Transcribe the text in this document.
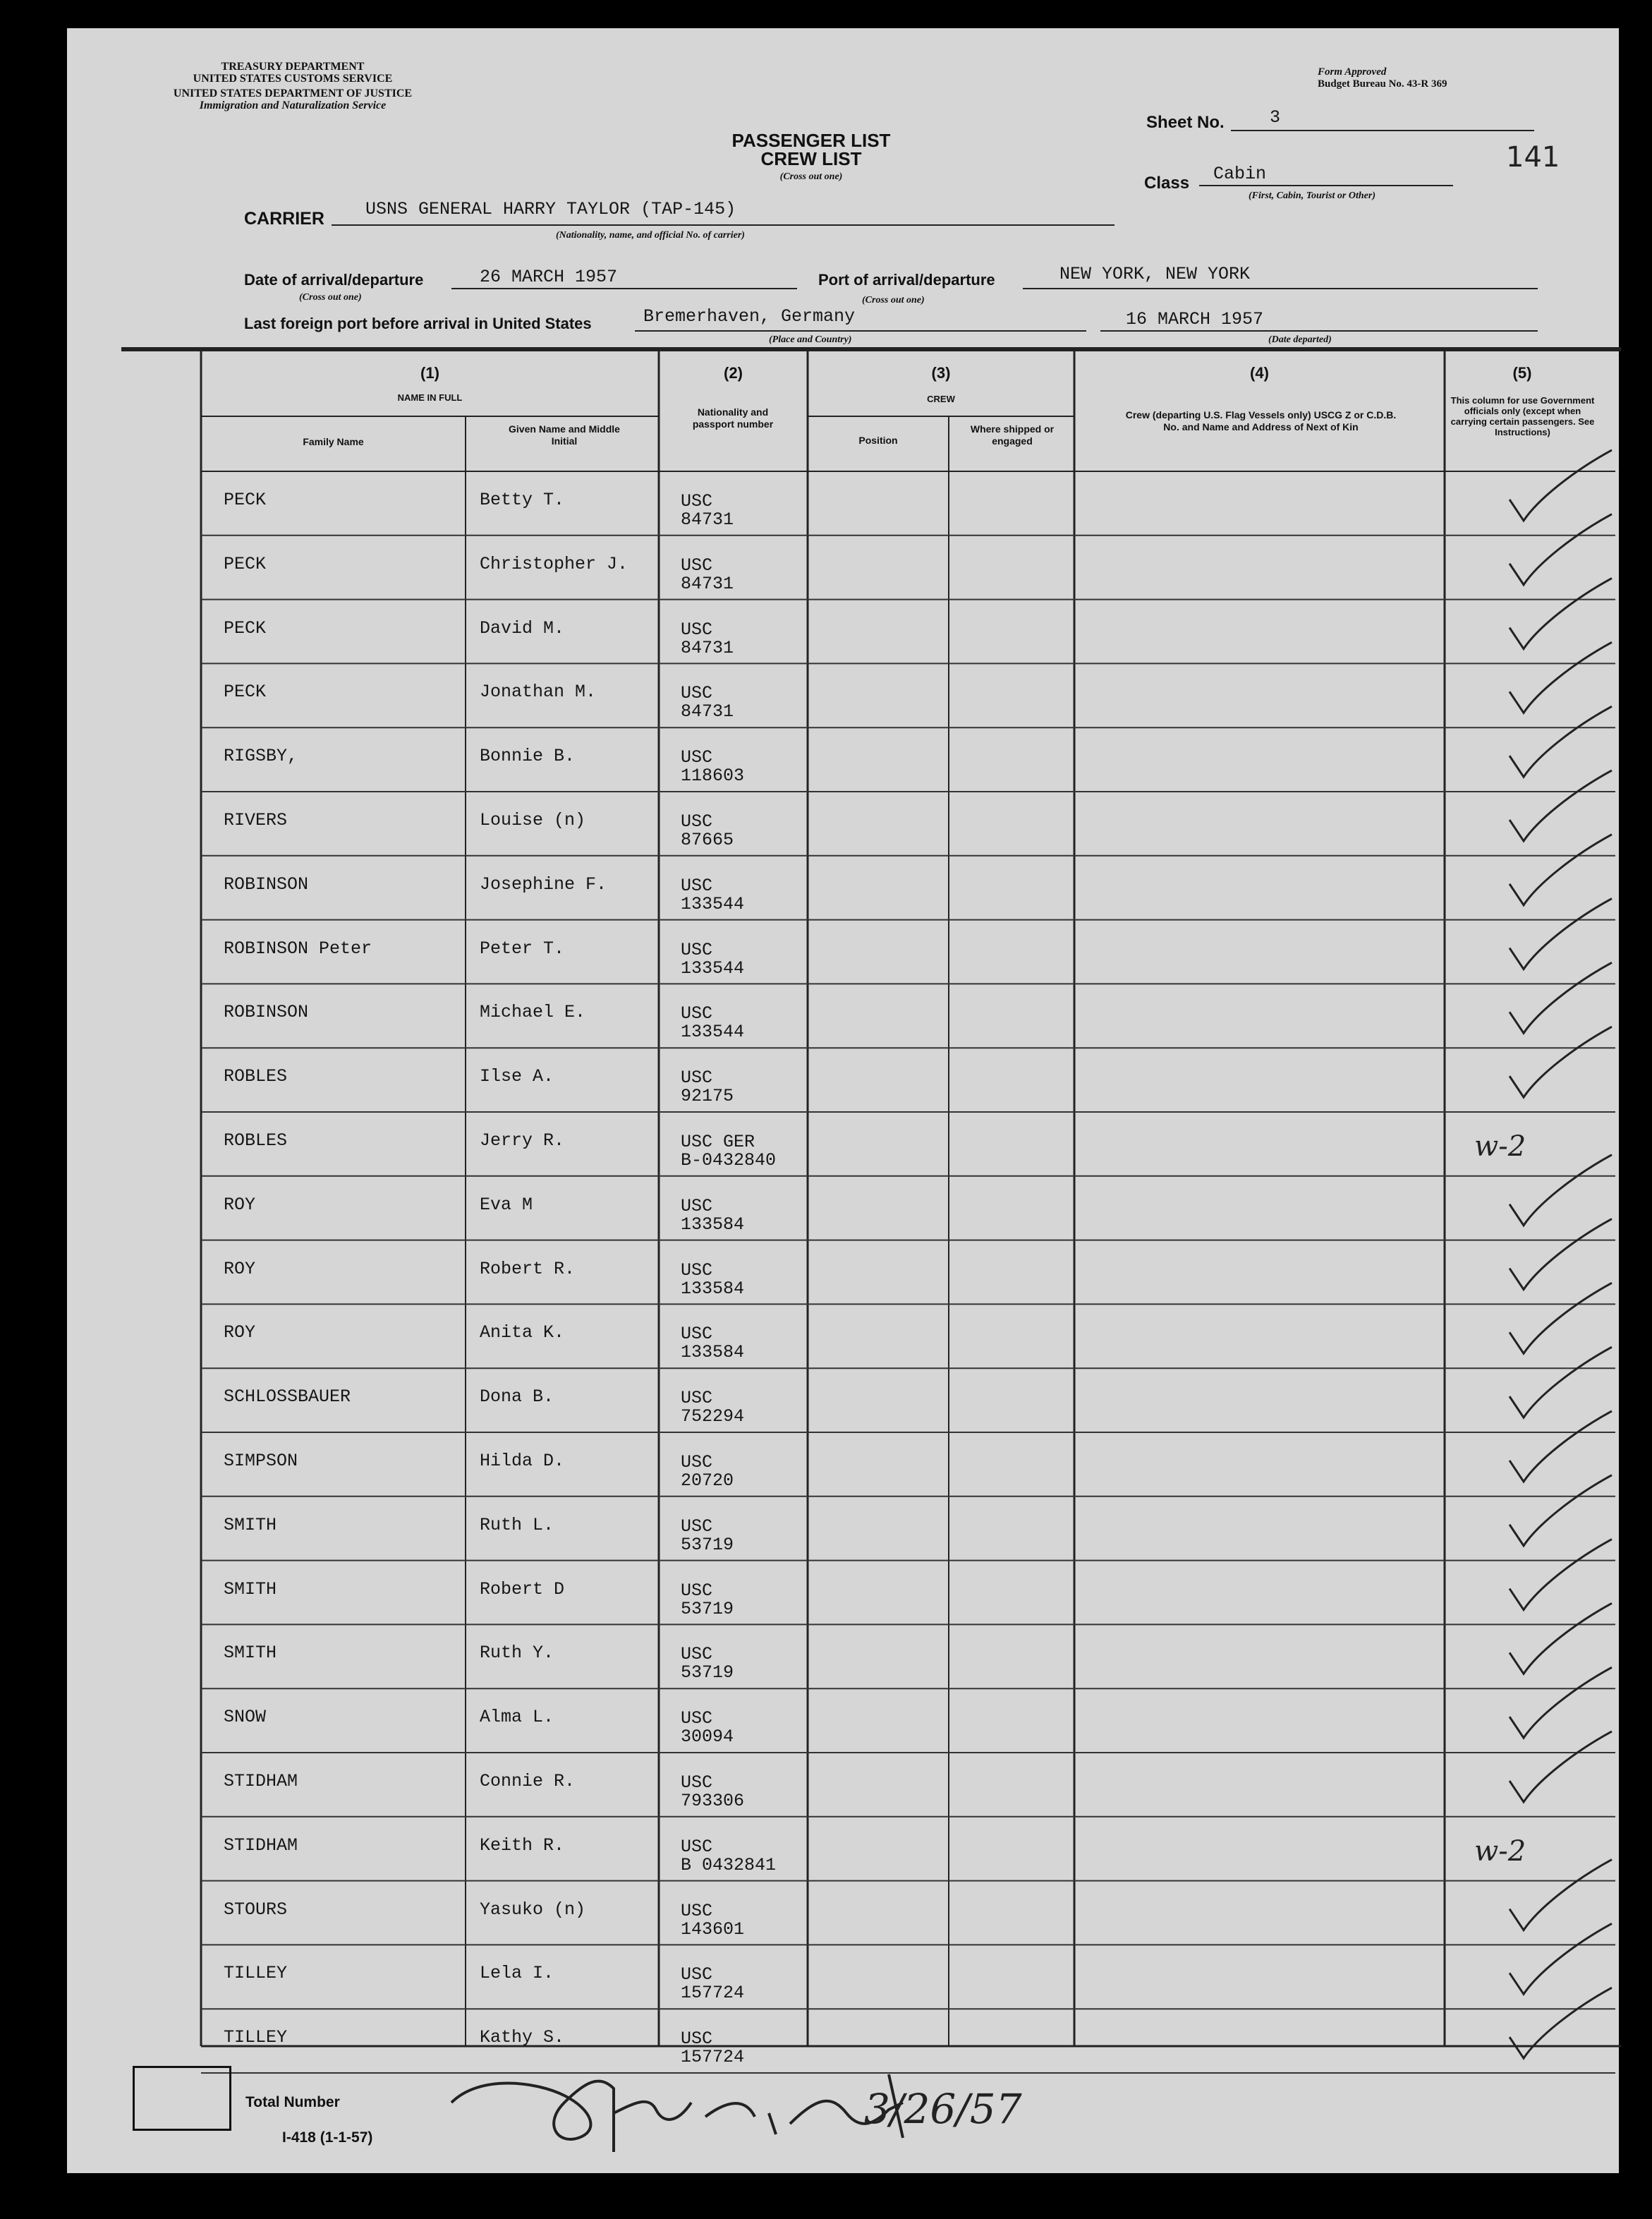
TREASURY DEPARTMENT
UNITED STATES CUSTOMS SERVICE
UNITED STATES DEPARTMENT OF JUSTICE
Immigration and Naturalization Service
Form Approved
Budget Bureau No. 43-R 369
PASSENGER LIST
CREW LIST
(Cross out one)
Sheet No.	3
141
Class Cabin
(First, Cabin, Tourist or Other)
CARRIER USNS GENERAL HARRY TAYLOR (TAP-145)
(Nationality, name, and official No. of carrier)
Date of arrival/departure	26 MARCH 1957
(Cross out one)
Port of arrival/departure	NEW YORK, NEW YORK
(Cross out one)
Last foreign port before arrival in United States	Bremerhaven, Germany
(Place and Country)
16 MARCH 1957
(Date departed)
(1)
NAME IN FULL
Family Name
Given Name and Middle Initial
(2)
Nationality and passport number
(3)
CREW
Position
Where shipped or engaged
(4)
Crew (departing U.S. Flag Vessels only) USCG Z or C.D.B. No. and Name and Address of Next of Kin
(5)
This column for use Government officials only (except when carrying certain passengers. See Instructions)
PECK	Betty T.	USC
84731
PECK	Christopher J.	USC
84731
PECK	David M.	USC
84731
PECK	Jonathan M.	USC
84731
RIGSBY,	Bonnie B.	USC
118603
RIVERS	Louise (n)	USC
87665
ROBINSON	Josephine F.	USC
133544
ROBINSON Peter	Peter T.	USC
133544
ROBINSON	Michael E.	USC
133544
ROBLES	Ilse A.	USC
92175
ROBLES	Jerry R.	USC GER
B-0432840
ROY	Eva M	USC
133584
ROY	Robert R.	USC
133584
ROY	Anita K.	USC
133584
SCHLOSSBAUER	Dona B.	USC
752294
SIMPSON	Hilda D.	USC
20720
SMITH	Ruth L.	USC
53719
SMITH	Robert D	USC
53719
SMITH	Ruth Y.	USC
53719
SNOW	Alma L.	USC
30094
STIDHAM	Connie R.	USC
793306
STIDHAM	Keith R.	USC
B 0432841
STOURS	Yasuko (n)	USC
143601
TILLEY	Lela I.	USC
157724
TILLEY	Kathy S.	USC
157724
w-2
w-2
Total Number
I-418 (1-1-57)
3/26/57
